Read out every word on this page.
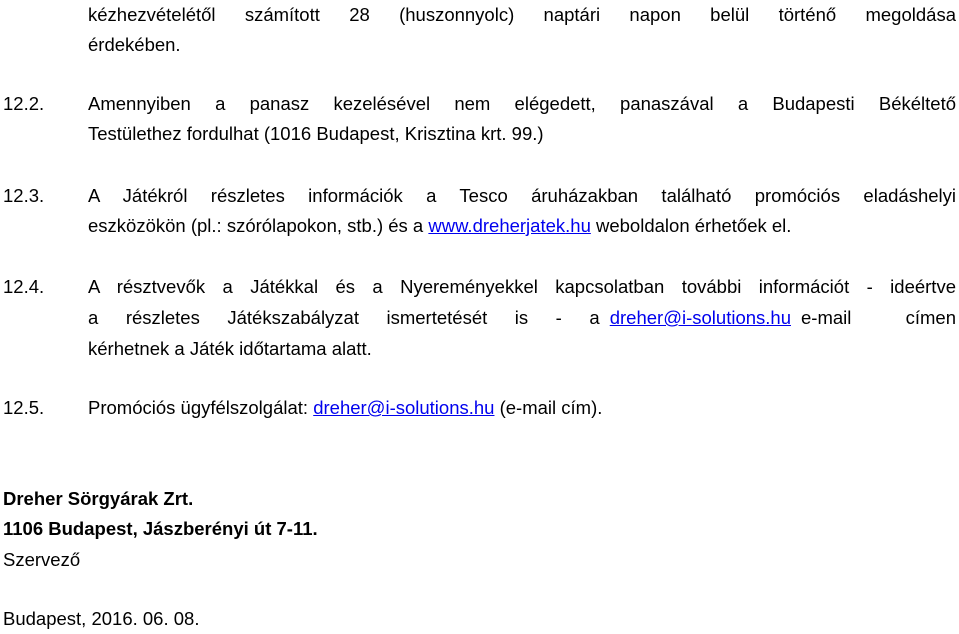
kézhezvételétől számított 28 (huszonnyolc) naptári napon belül történő megoldása
érdekében.
12.2. Amennyiben a panasz kezelésével nem elégedett, panaszával a Budapesti Békéltető
Testülethez fordulhat (1016 Budapest, Krisztina krt. 99.)
12.3. A Játékról részletes információk a Tesco áruházakban található promóciós eladáshelyi
eszközökön (pl.: szórólapokon, stb.) és a www.dreherjatek.hu weboldalon érhetőek el.
12.4. A résztvevők a Játékkal és a Nyereményekkel kapcsolatban további információt - ideértve
a részletes Játékszabályzat ismertetését is - a dreher@i-solutions.hu e-mail	címen
kérhetnek a Játék időtartama alatt.
12.5. Promóciós ügyfélszolgálat: dreher@i-solutions.hu (e-mail cím).
Dreher Sörgyárak Zrt.
1106 Budapest, Jászberényi út 7-11.
Szervező
Budapest, 2016. 06. 08.
